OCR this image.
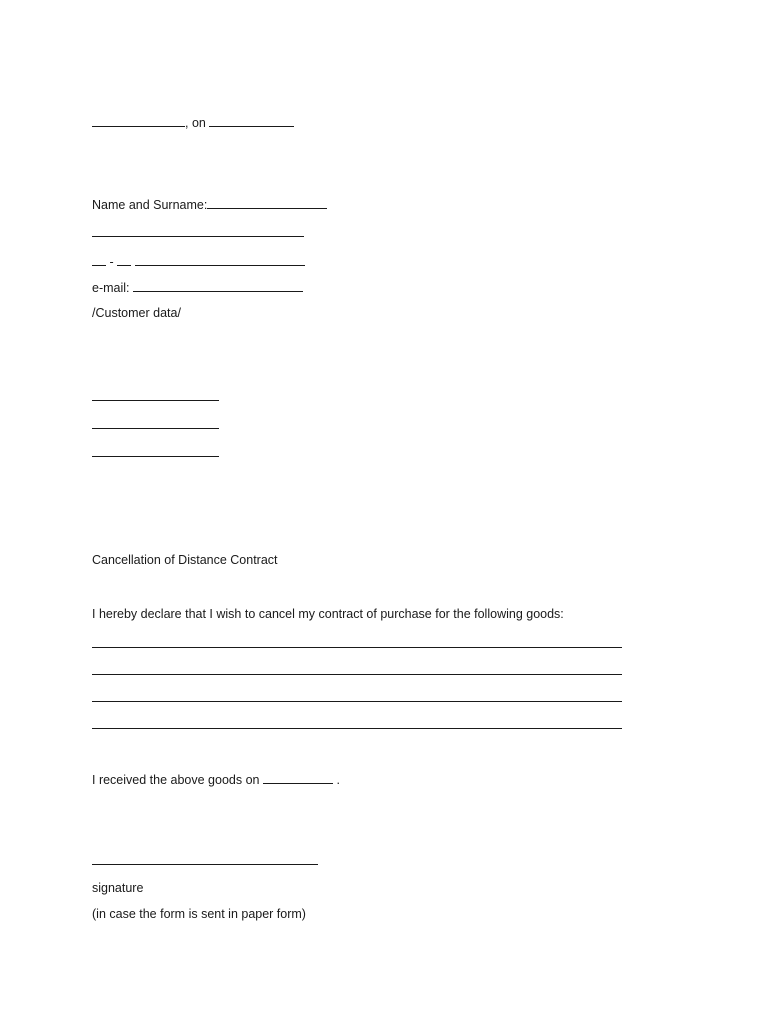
, on
Name and Surname:
-
e-mail:
/Customer data/
Cancellation of Distance Contract
I hereby declare that I wish to cancel my contract of purchase for the following goods:
I received the above goods on	.
signature
(in case the form is sent in paper form)
